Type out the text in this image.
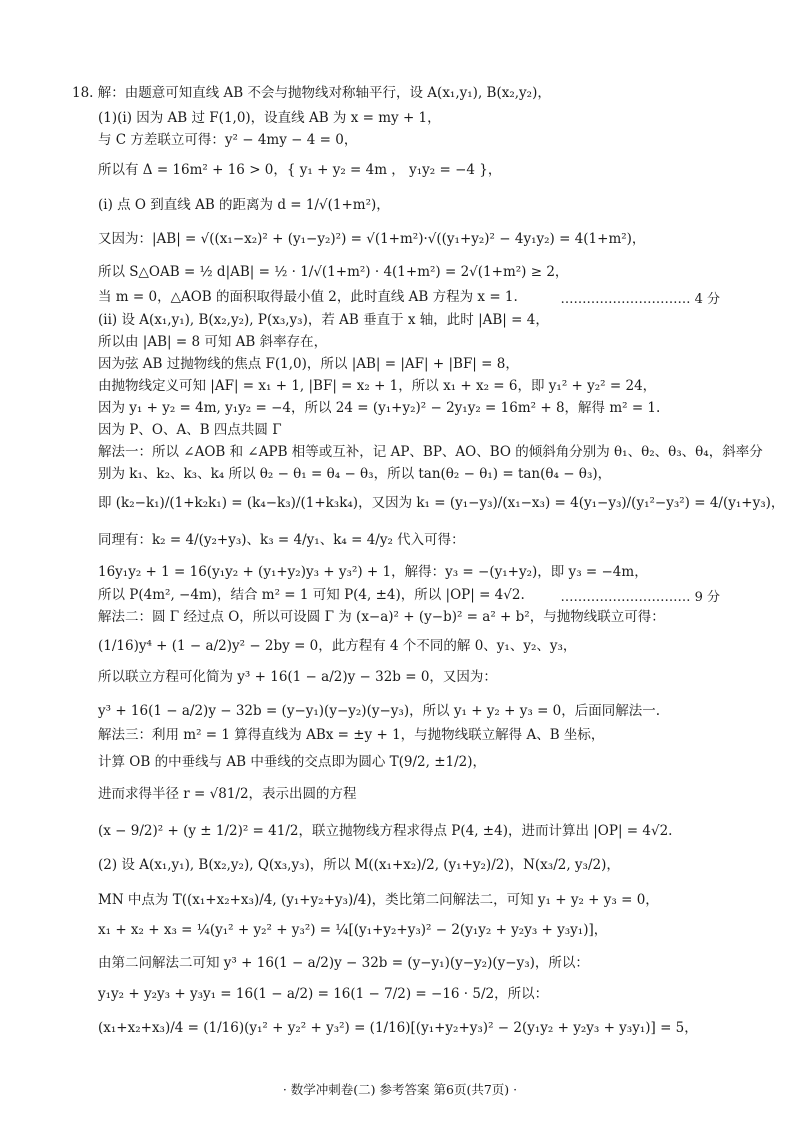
18. 解：由题意可知直线 AB 不会与抛物线对称轴平行，设 A(x₁,y₁), B(x₂,y₂)，
(1)(i) 因为 AB 过 F(1,0)，设直线 AB 为 x = my + 1，
与 C 方差联立可得：y² − 4my − 4 = 0，
所以有 Δ = 16m² + 16 > 0，{ y₁ + y₂ = 4m ， y₁y₂ = −4 }，
(i) 点 O 到直线 AB 的距离为 d = 1/√(1+m²)，
又因为：|AB| = √((x₁−x₂)² + (y₁−y₂)²) = √(1+m²)·√((y₁+y₂)² − 4y₁y₂) = 4(1+m²)，
所以 S△OAB = ½ d|AB| = ½ · 1/√(1+m²) · 4(1+m²) = 2√(1+m²) ≥ 2，
当 m = 0，△AOB 的面积取得最小值 2，此时直线 AB 方程为 x = 1.
(ii) 设 A(x₁,y₁), B(x₂,y₂), P(x₃,y₃)，若 AB 垂直于 x 轴，此时 |AB| = 4，
所以由 |AB| = 8 可知 AB 斜率存在，
因为弦 AB 过抛物线的焦点 F(1,0)，所以 |AB| = |AF| + |BF| = 8，
由抛物线定义可知 |AF| = x₁ + 1, |BF| = x₂ + 1，所以 x₁ + x₂ = 6，即 y₁² + y₂² = 24，
因为 y₁ + y₂ = 4m, y₁y₂ = −4，所以 24 = (y₁+y₂)² − 2y₁y₂ = 16m² + 8，解得 m² = 1.
因为 P、O、A、B 四点共圆 Γ
解法一：所以 ∠AOB 和 ∠APB 相等或互补，记 AP、BP、AO、BO 的倾斜角分别为 θ₁、θ₂、θ₃、θ₄，斜率分
别为 k₁、k₂、k₃、k₄ 所以 θ₂ − θ₁ = θ₄ − θ₃，所以 tan(θ₂ − θ₁) = tan(θ₄ − θ₃)，
即 (k₂−k₁)/(1+k₂k₁) = (k₄−k₃)/(1+k₃k₄)，又因为 k₁ = (y₁−y₃)/(x₁−x₃) = 4(y₁−y₃)/(y₁²−y₃²) = 4/(y₁+y₃)，
同理有：k₂ = 4/(y₂+y₃)、k₃ = 4/y₁、k₄ = 4/y₂ 代入可得：
16y₁y₂ + 1 = 16(y₁y₂ + (y₁+y₂)y₃ + y₃²) + 1，解得：y₃ = −(y₁+y₂)，即 y₃ = −4m，
所以 P(4m², −4m)，结合 m² = 1 可知 P(4, ±4)，所以 |OP| = 4√2.
解法二：圆 Γ 经过点 O，所以可设圆 Γ 为 (x−a)² + (y−b)² = a² + b²，与抛物线联立可得：
(1/16)y⁴ + (1 − a/2)y² − 2by = 0，此方程有 4 个不同的解 0、y₁、y₂、y₃，
所以联立方程可化简为 y³ + 16(1 − a/2)y − 32b = 0，又因为：
y³ + 16(1 − a/2)y − 32b = (y−y₁)(y−y₂)(y−y₃)，所以 y₁ + y₂ + y₃ = 0，后面同解法一.
解法三：利用 m² = 1 算得直线为 ABx = ±y + 1，与抛物线联立解得 A、B 坐标，
计算 OB 的中垂线与 AB 中垂线的交点即为圆心 T(9/2, ±1/2)，
进而求得半径 r = √81/2，表示出圆的方程
(x − 9/2)² + (y ± 1/2)² = 41/2，联立抛物线方程求得点 P(4, ±4)，进而计算出 |OP| = 4√2.
(2) 设 A(x₁,y₁), B(x₂,y₂), Q(x₃,y₃)，所以 M((x₁+x₂)/2, (y₁+y₂)/2)，N(x₃/2, y₃/2)，
MN 中点为 T((x₁+x₂+x₃)/4, (y₁+y₂+y₃)/4)，类比第二问解法二，可知 y₁ + y₂ + y₃ = 0，
x₁ + x₂ + x₃ = ¼(y₁² + y₂² + y₃²) = ¼[(y₁+y₂+y₃)² − 2(y₁y₂ + y₂y₃ + y₃y₁)]，
由第二问解法二可知 y³ + 16(1 − a/2)y − 32b = (y−y₁)(y−y₂)(y−y₃)，所以：
y₁y₂ + y₂y₃ + y₃y₁ = 16(1 − a/2) = 16(1 − 7/2) = −16 · 5/2，所以：
(x₁+x₂+x₃)/4 = (1/16)(y₁² + y₂² + y₃²) = (1/16)[(y₁+y₂+y₃)² − 2(y₁y₂ + y₂y₃ + y₃y₁)] = 5，
………………………… 4 分
………………………… 9 分
· 数学冲刺卷(二) 参考答案 第6页(共7页) ·
